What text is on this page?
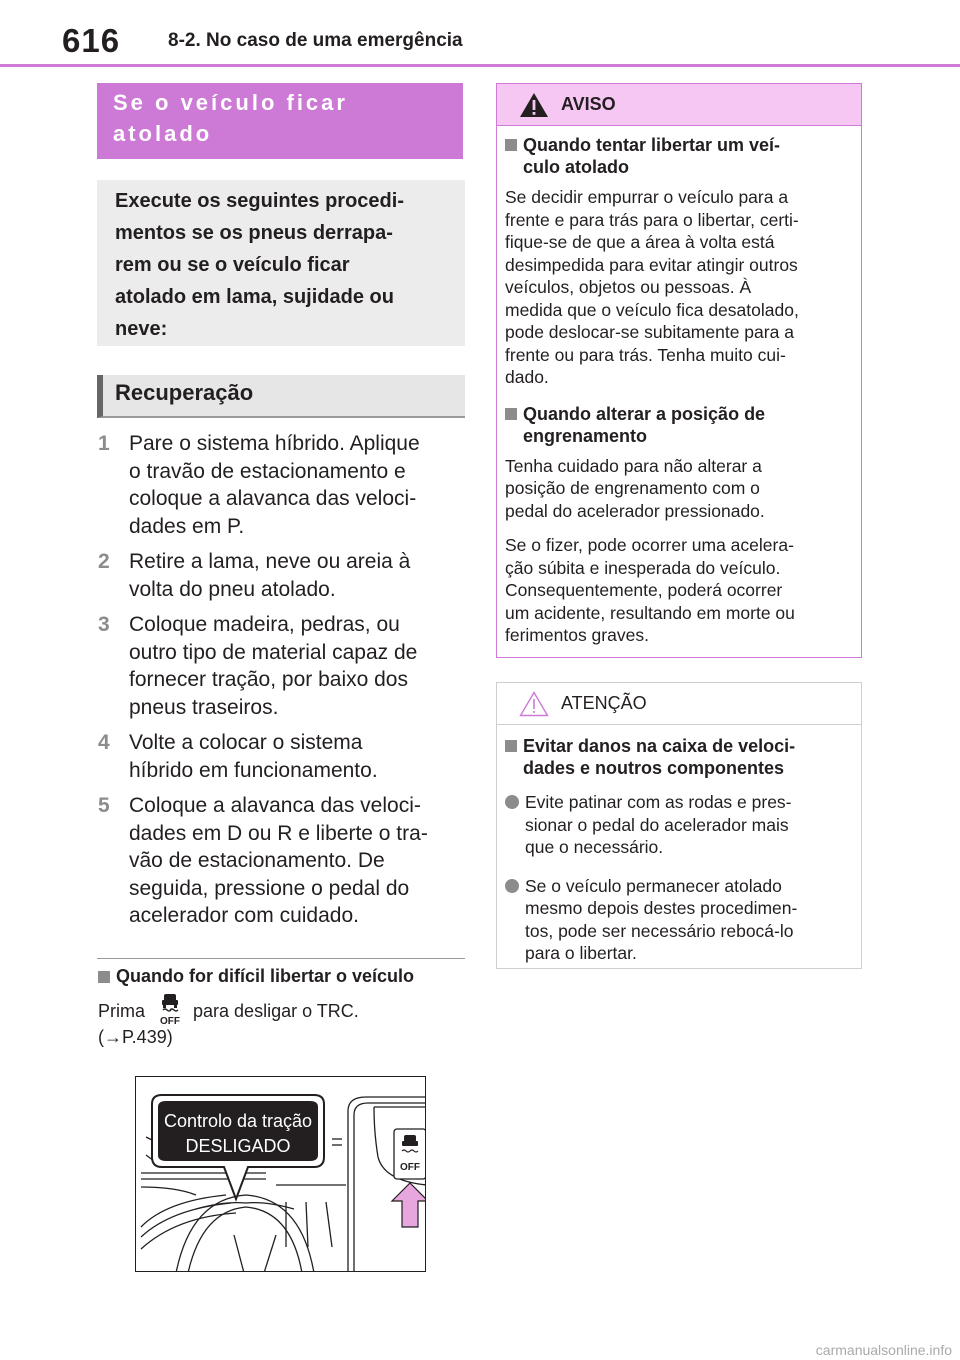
616	8-2. No caso de uma emergência
Se o veículo ficar
atolado
Execute os seguintes procedi-
mentos se os pneus derrapa-
rem ou se o veículo ficar
atolado em lama, sujidade ou
neve:
Recuperação
1 Pare o sistema híbrido. Aplique
o travão de estacionamento e
coloque a alavanca das veloci-
dades em P.
2 Retire a lama, neve ou areia à
volta do pneu atolado.
3 Coloque madeira, pedras, ou
outro tipo de material capaz de
fornecer tração, por baixo dos
pneus traseiros.
4 Volte a colocar o sistema
híbrido em funcionamento.
5 Coloque a alavanca das veloci-
dades em D ou R e liberte o tra-
vão de estacionamento. De
seguida, pressione o pedal do
acelerador com cuidado.
Quando for difícil libertar o veículo
Prima
OFF
para desligar o TRC.
(→P.439)
Controlo da tração
DESLIGADO
OFF
AVISO
Quando tentar libertar um veí-
culo atolado
Se decidir empurrar o veículo para a
frente e para trás para o libertar, certi-
fique-se de que a área à volta está
desimpedida para evitar atingir outros
veículos, objetos ou pessoas. À
medida que o veículo fica desatolado,
pode deslocar-se subitamente para a
frente ou para trás. Tenha muito cui-
dado.
Quando alterar a posição de
engrenamento
Tenha cuidado para não alterar a
posição de engrenamento com o
pedal do acelerador pressionado.
Se o fizer, pode ocorrer uma acelera-
ção súbita e inesperada do veículo.
Consequentemente, poderá ocorrer
um acidente, resultando em morte ou
ferimentos graves.
ATENÇÃO
Evitar danos na caixa de veloci-
dades e noutros componentes
Evite patinar com as rodas e pres-
sionar o pedal do acelerador mais
que o necessário.
Se o veículo permanecer atolado
mesmo depois destes procedimen-
tos, pode ser necessário rebocá-lo
para o libertar.
carmanualsonline.info
